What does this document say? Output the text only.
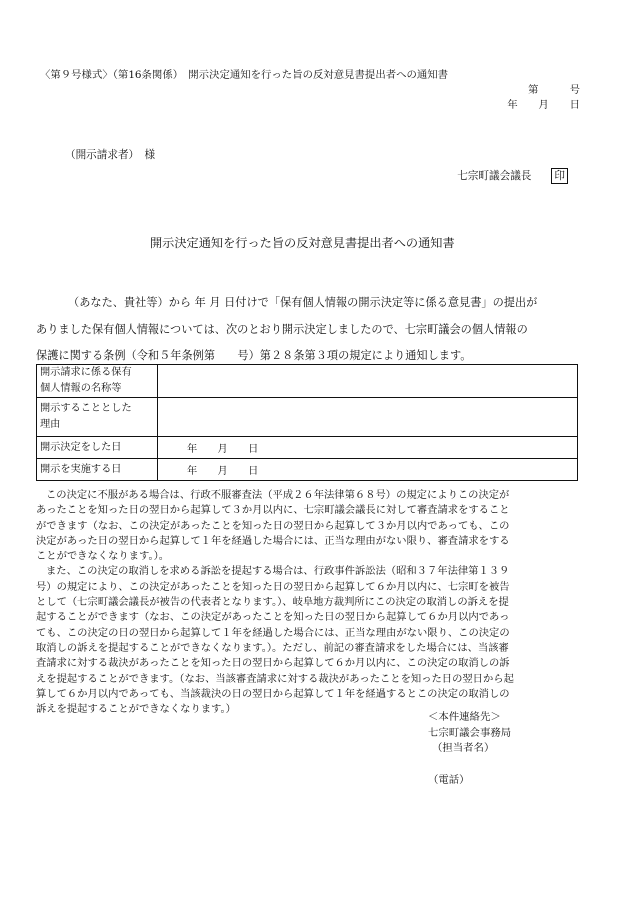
〈第９号様式〉（第16条関係）　開示決定通知を行った旨の反対意見書提出者への通知書
第　　　号
年　　月　　日
（開示請求者）　様
七宗町議会議長 印
開示決定通知を行った旨の反対意見書提出者への通知書

（あなた、貴社等）から 年 月 日付けで「保有個人情報の開示決定等に係る意見書」の提出が

ありました保有個人情報については、次のとおり開示決定しましたので、七宗町議会の個人情報の

保護に関する条例（令和５年条例第　　号）第２８条第３項の規定により通知します。

開示請求に係る保有
個人情報の名称等	

開示することとした
理由	

開示決定をした日	年　　月　　日
開示を実施する日	年　　月　　日

この決定に不服がある場合は、行政不服審査法（平成２６年法律第６８号）の規定によりこの決定が

あったことを知った日の翌日から起算して３か月以内に、七宗町議会議長に対して審査請求をすること

ができます（なお、この決定があったことを知った日の翌日から起算して３か月以内であっても、この

決定があった日の翌日から起算して１年を経過した場合には、正当な理由がない限り、審査請求をする

ことができなくなります。）。

また、この決定の取消しを求める訴訟を提起する場合は、行政事件訴訟法（昭和３７年法律第１３９

号）の規定により、この決定があったことを知った日の翌日から起算して６か月以内に、七宗町を被告

として（七宗町議会議長が被告の代表者となります。）、岐阜地方裁判所にこの決定の取消しの訴えを提

起することができます（なお、この決定があったことを知った日の翌日から起算して６か月以内であっ

ても、この決定の日の翌日から起算して１年を経過した場合には、正当な理由がない限り、この決定の

取消しの訴えを提起することができなくなります。）。ただし、前記の審査請求をした場合には、当該審

査請求に対する裁決があったことを知った日の翌日から起算して６か月以内に、この決定の取消しの訴

えを提起することができます。（なお、当該審査請求に対する裁決があったことを知った日の翌日から起

算して６か月以内であっても、当該裁決の日の翌日から起算して１年を経過するとこの決定の取消しの

訴えを提起することができなくなります。）

＜本件連絡先＞
七宗町議会事務局
（担当者名）
（電話）
